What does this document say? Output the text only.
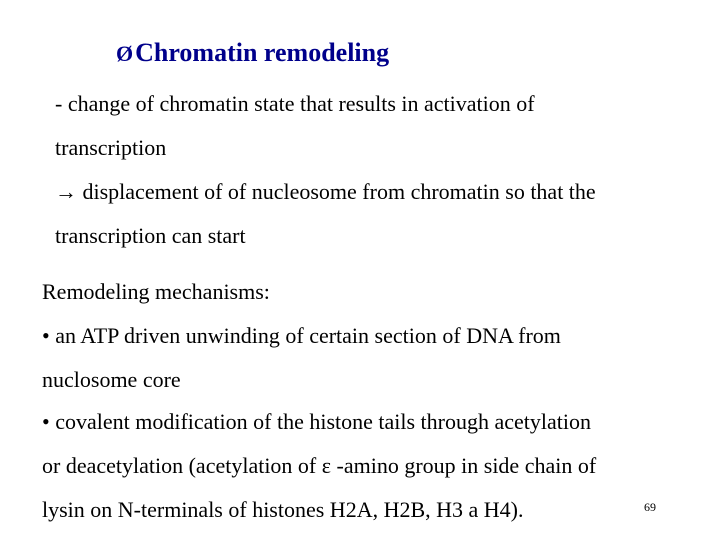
ØChromatin remodeling
- change of chromatin state that results in activation of
transcription
→ displacement of of nucleosome from chromatin so that the
transcription can start
Remodeling mechanisms:
• an ATP driven unwinding of certain section of DNA from
nuclosome core
• covalent modification of the histone tails through acetylation
or deacetylation (acetylation of ε -amino group in side chain of
lysin on N-terminals of histones H2A, H2B, H3 a H4).	69
